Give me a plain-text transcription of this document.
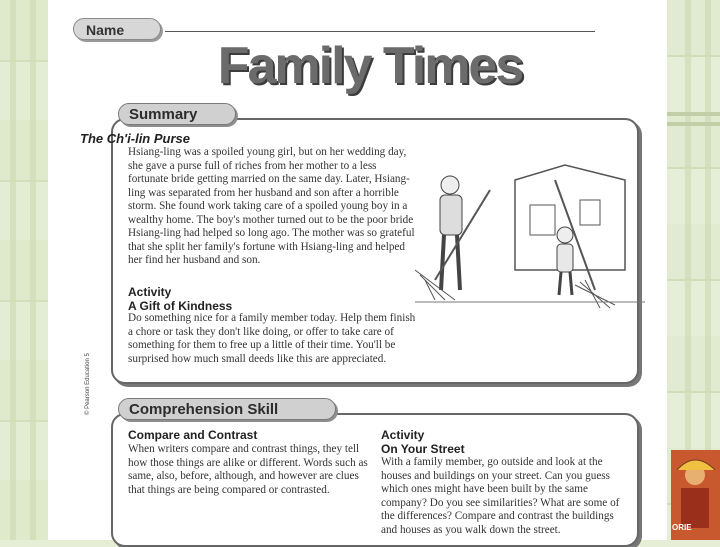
Name
Family Times
Summary
The Ch'i-lin Purse

Hsiang-ling was a spoiled young girl, but on her wedding day, she gave a purse full of riches from her mother to a less fortunate bride getting married on the same day. Later, Hsiang-ling was separated from her husband and son after a horrible storm. She found work taking care of a spoiled young boy in a wealthy home. The boy's mother turned out to be the poor bride Hsiang-ling had helped so long ago. The mother was so grateful that she split her family's fortune with Hsiang-ling and helped her find her husband and son.

Activity

A Gift of Kindness

Do something nice for a family member today. Help them finish a chore or task they don't like doing, or offer to take care of something for them to free up a little of their time. You'll be surprised how much small deeds like this are appreciated.

Comprehension Skill

Compare and Contrast

When writers compare and contrast things, they tell how those things are alike or different. Words such as same, also, before, although, and however are clues that things are being compared or contrasted.

Activity

On Your Street

With a family member, go outside and look at the houses and buildings on your street. Can you guess which ones might have been built by the same company? Do you see similarities? What are some of the differences? Compare and contrast the buildings and houses as you walk down the street.

© Pearson Education 5
ORIE
